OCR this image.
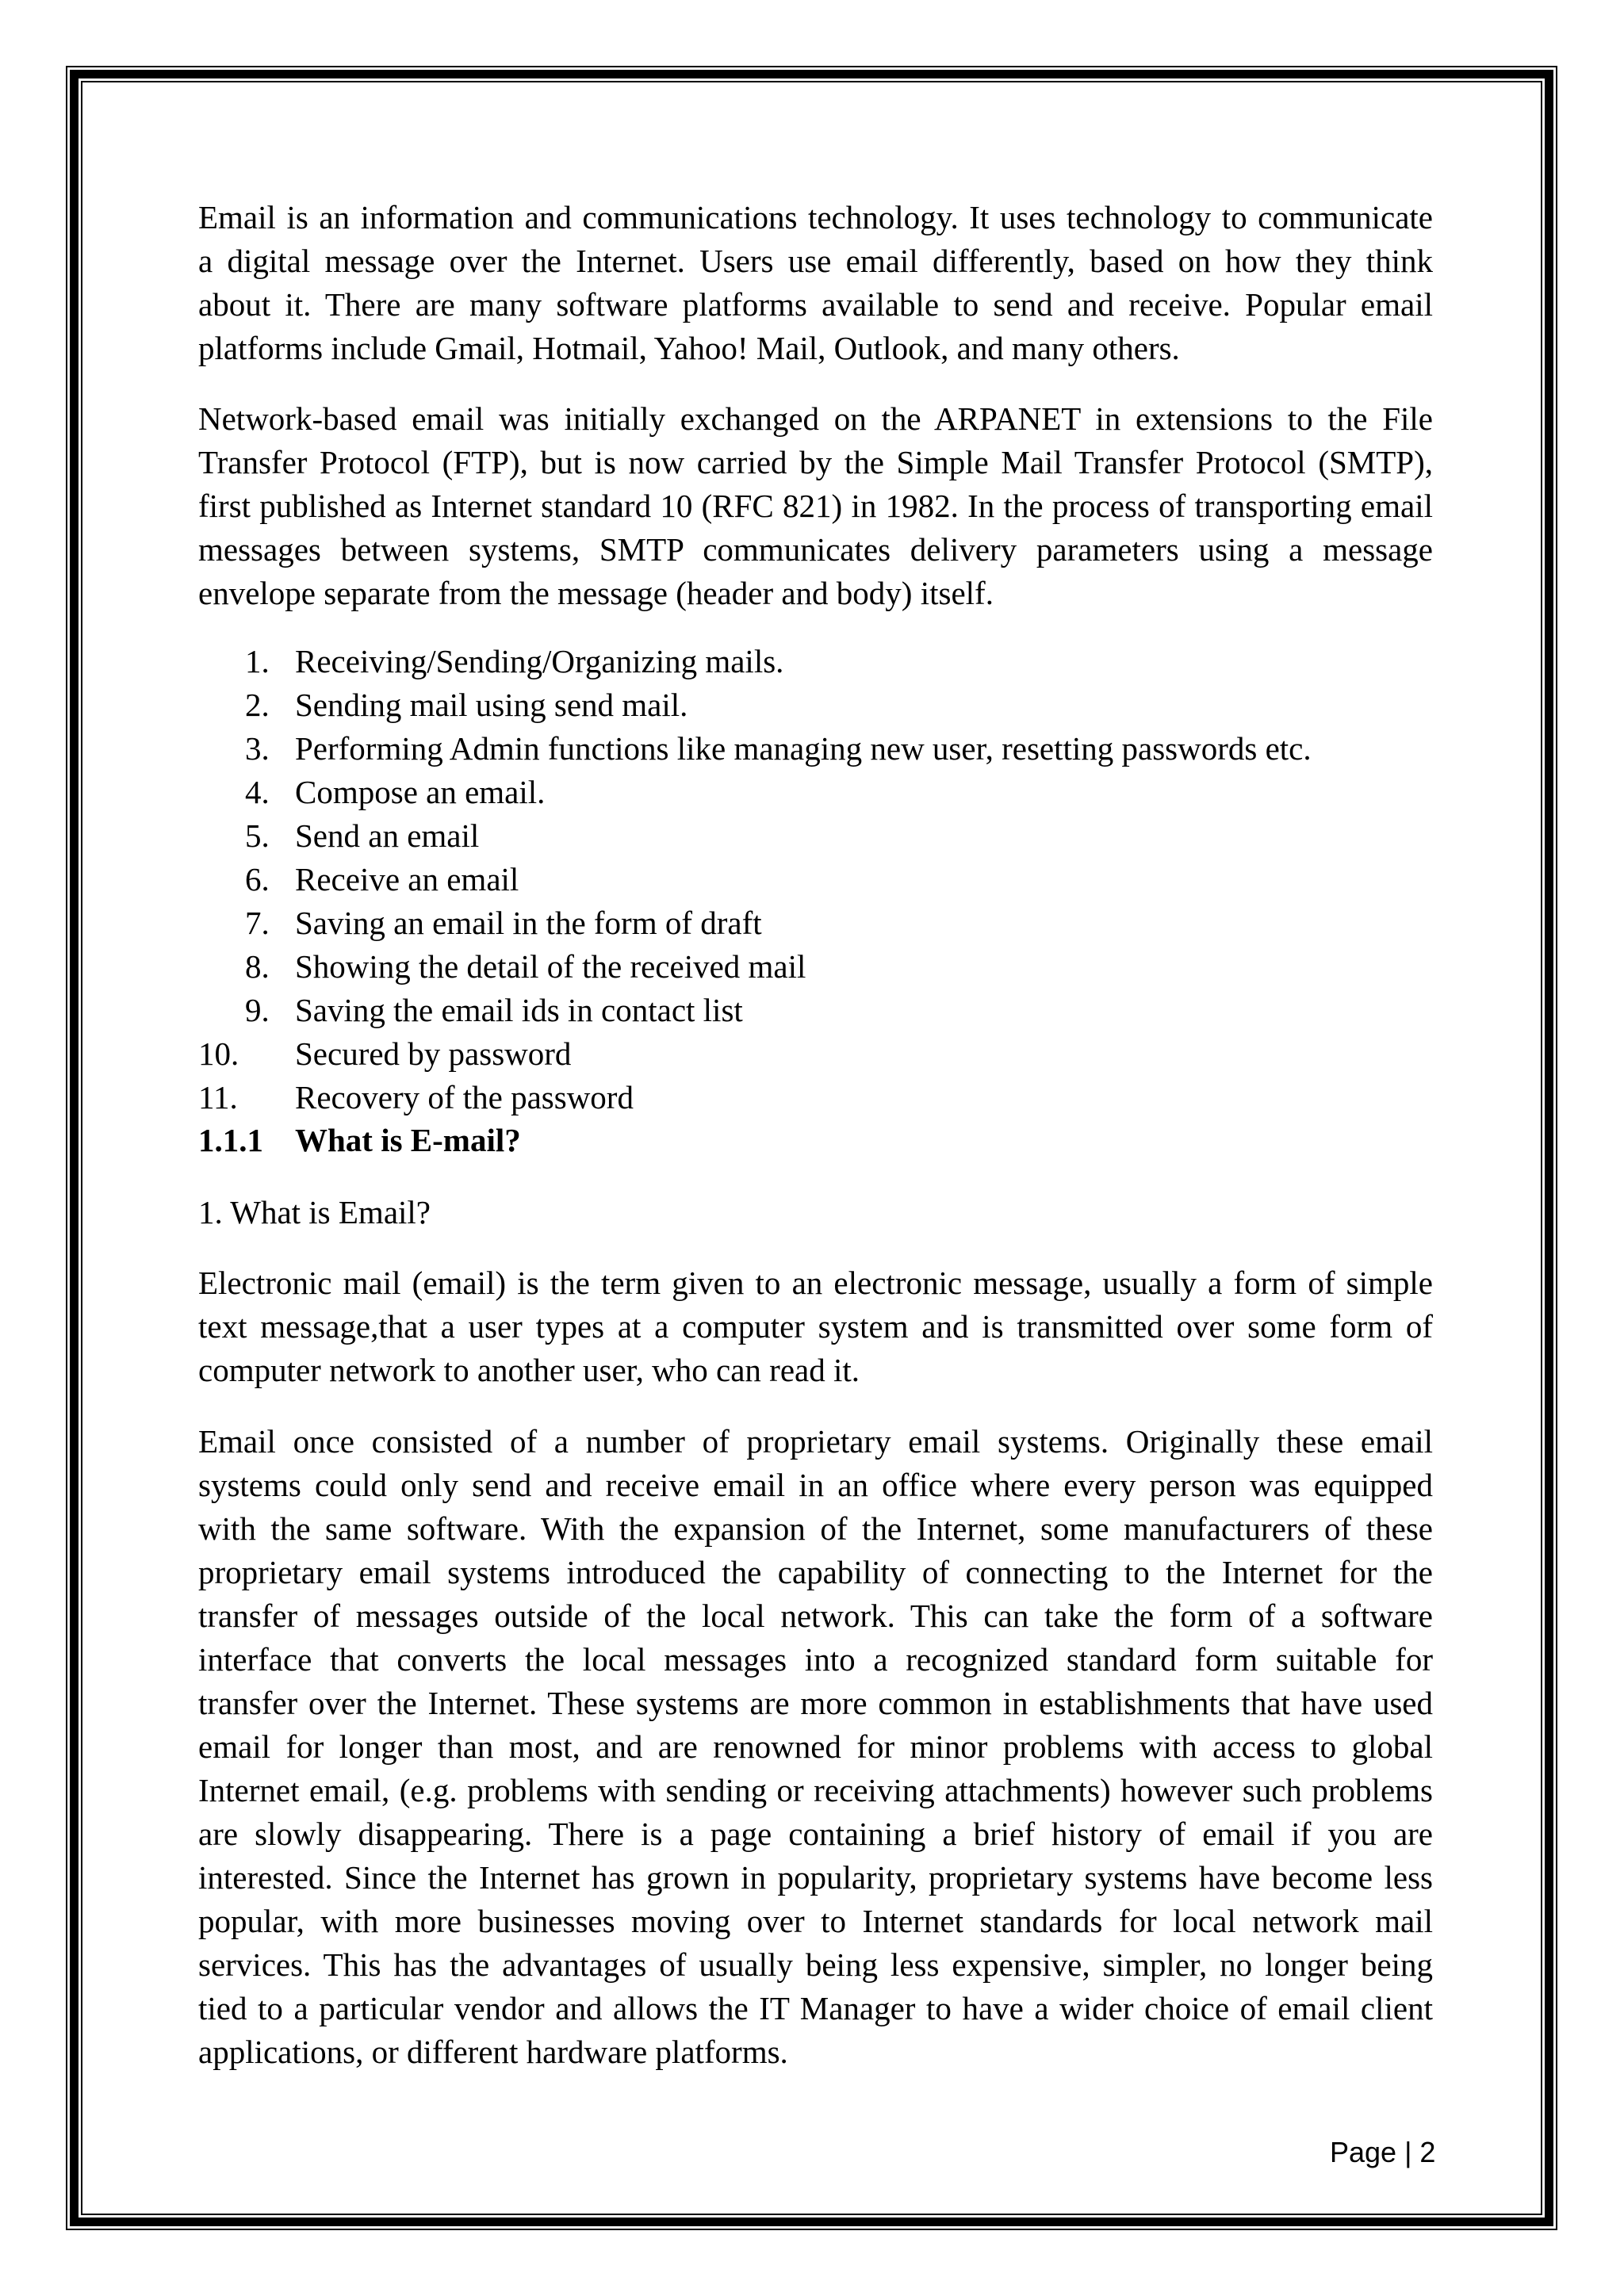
Email is an information and communications technology. It uses technology to communicate
a digital message over the Internet. Users use email differently, based on how they think
about it. There are many software platforms available to send and receive. Popular email
platforms include Gmail, Hotmail, Yahoo! Mail, Outlook, and many others.
Network-based email was initially exchanged on the ARPANET in extensions to the File
Transfer Protocol (FTP), but is now carried by the Simple Mail Transfer Protocol (SMTP),
first published as Internet standard 10 (RFC 821) in 1982. In the process of transporting email
messages between systems, SMTP communicates delivery parameters using a message
envelope separate from the message (header and body) itself.
1. Receiving/Sending/Organizing mails.
2. Sending mail using send mail.
3. Performing Admin functions like managing new user, resetting passwords etc.
4. Compose an email.
5. Send an email
6. Receive an email
7. Saving an email in the form of draft
8. Showing the detail of the received mail
9. Saving the email ids in contact list
10. Secured by password
11. Recovery of the password
1.1.1 What is E-mail?
1. What is Email?
Electronic mail (email) is the term given to an electronic message, usually a form of simple
text message,that a user types at a computer system and is transmitted over some form of
computer network to another user, who can read it.
Email once consisted of a number of proprietary email systems. Originally these email
systems could only send and receive email in an office where every person was equipped
with the same software. With the expansion of the Internet, some manufacturers of these
proprietary email systems introduced the capability of connecting to the Internet for the
transfer of messages outside of the local network. This can take the form of a software
interface that converts the local messages into a recognized standard form suitable for
transfer over the Internet. These systems are more common in establishments that have used
email for longer than most, and are renowned for minor problems with access to global
Internet email, (e.g. problems with sending or receiving attachments) however such problems
are slowly disappearing. There is a page containing a brief history of email if you are
interested. Since the Internet has grown in popularity, proprietary systems have become less
popular, with more businesses moving over to Internet standards for local network mail
services. This has the advantages of usually being less expensive, simpler, no longer being
tied to a particular vendor and allows the IT Manager to have a wider choice of email client
applications, or different hardware platforms.
Page | 2
